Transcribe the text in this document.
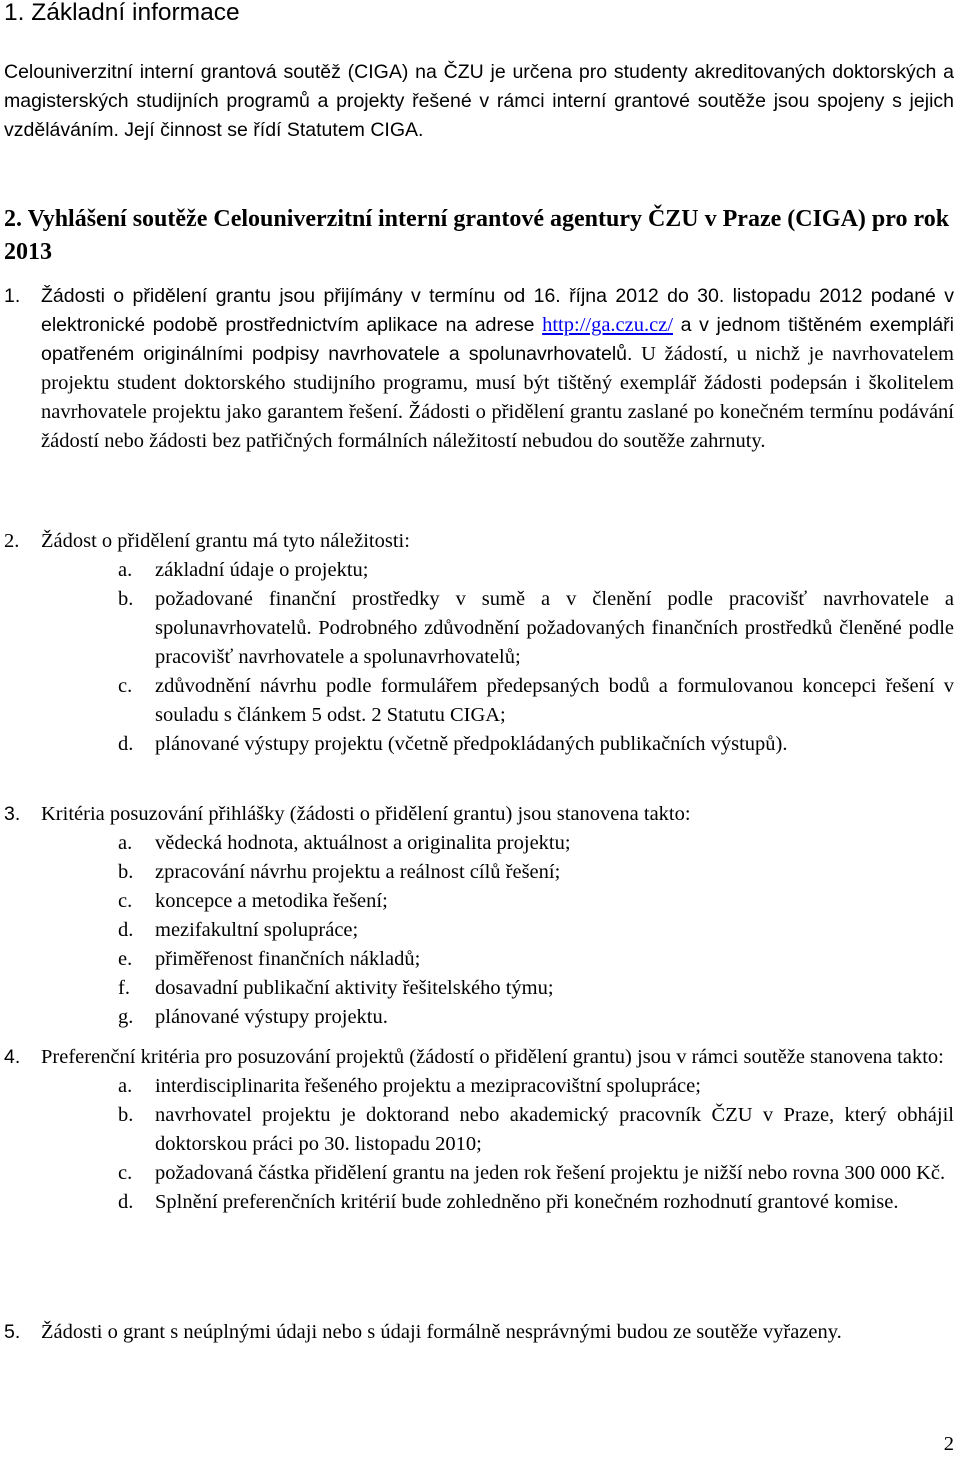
1. Základní informace

Celouniverzitní interní grantová soutěž (CIGA) na ČZU je určena pro studenty akreditovaných doktorských a magisterských studijních programů a projekty řešené v rámci interní grantové soutěže jsou spojeny s jejich vzděláváním. Její činnost se řídí Statutem CIGA.

2. Vyhlášení soutěže Celouniverzitní interní grantové agentury ČZU v Praze (CIGA) pro rok 2013
1. Žádosti o přidělení grantu jsou přijímány v termínu od 16. října 2012 do 30. listopadu 2012 podané v elektronické podobě prostřednictvím aplikace na adrese http://ga.czu.cz/ a v jednom tištěném exempláři opatřeném originálními podpisy navrhovatele a spolunavrhovatelů. U žádostí, u nichž je navrhovatelem projektu student doktorského studijního programu, musí být tištěný exemplář žádosti podepsán i školitelem navrhovatele projektu jako garantem řešení. Žádosti o přidělení grantu zaslané po konečném termínu podávání žádostí nebo žádosti bez patřičných formálních náležitostí nebudou do soutěže zahrnuty.
2. Žádost o přidělení grantu má tyto náležitosti:
a. základní údaje o projektu;
b. požadované finanční prostředky v sumě a v členění podle pracovišť navrhovatele a spolunavrhovatelů. Podrobného zdůvodnění požadovaných finančních prostředků členěné podle pracovišť navrhovatele a spolunavrhovatelů;
c. zdůvodnění návrhu podle formulářem předepsaných bodů a formulovanou koncepci řešení v souladu s článkem 5 odst. 2 Statutu CIGA;
d. plánované výstupy projektu (včetně předpokládaných publikačních výstupů).
3. Kritéria posuzování přihlášky (žádosti o přidělení grantu) jsou stanovena takto:
a. vědecká hodnota, aktuálnost a originalita projektu;
b. zpracování návrhu projektu a reálnost cílů řešení;
c. koncepce a metodika řešení;
d. mezifakultní spolupráce;
e. přiměřenost finančních nákladů;
f. dosavadní publikační aktivity řešitelského týmu;
g. plánované výstupy projektu.
4. Preferenční kritéria pro posuzování projektů (žádostí o přidělení grantu) jsou v rámci soutěže stanovena takto:
a. interdisciplinarita řešeného projektu a mezipracovištní spolupráce;
b. navrhovatel projektu je doktorand nebo akademický pracovník ČZU v Praze, který obhájil doktorskou práci po 30. listopadu 2010;
c. požadovaná částka přidělení grantu na jeden rok řešení projektu je nižší nebo rovna 300 000 Kč.
d. Splnění preferenčních kritérií bude zohledněno při konečném rozhodnutí grantové komise.
5. Žádosti o grant s neúplnými údaji nebo s údaji formálně nesprávnými budou ze soutěže vyřazeny.
2
